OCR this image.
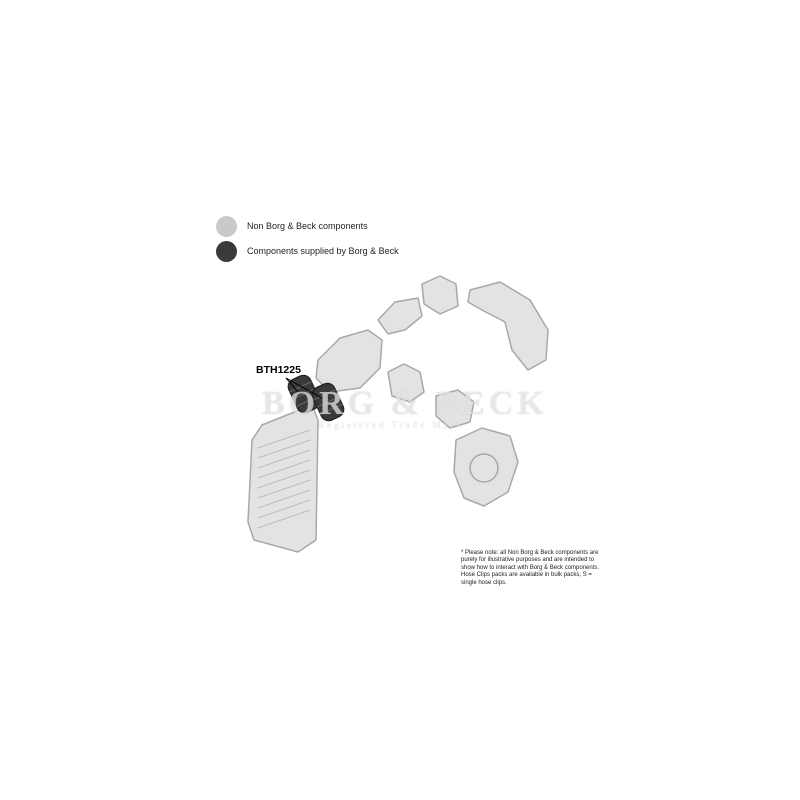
Non Borg & Beck components
Components supplied by Borg & Beck
BTH1225
BORG & BECK
Registered Trade Mark
* Please note: all Non Borg & Beck components are purely for illustrative purposes and are intended to show how to interact with Borg & Beck components. Hose Clips packs are available in bulk packs, S = single hose clips.
